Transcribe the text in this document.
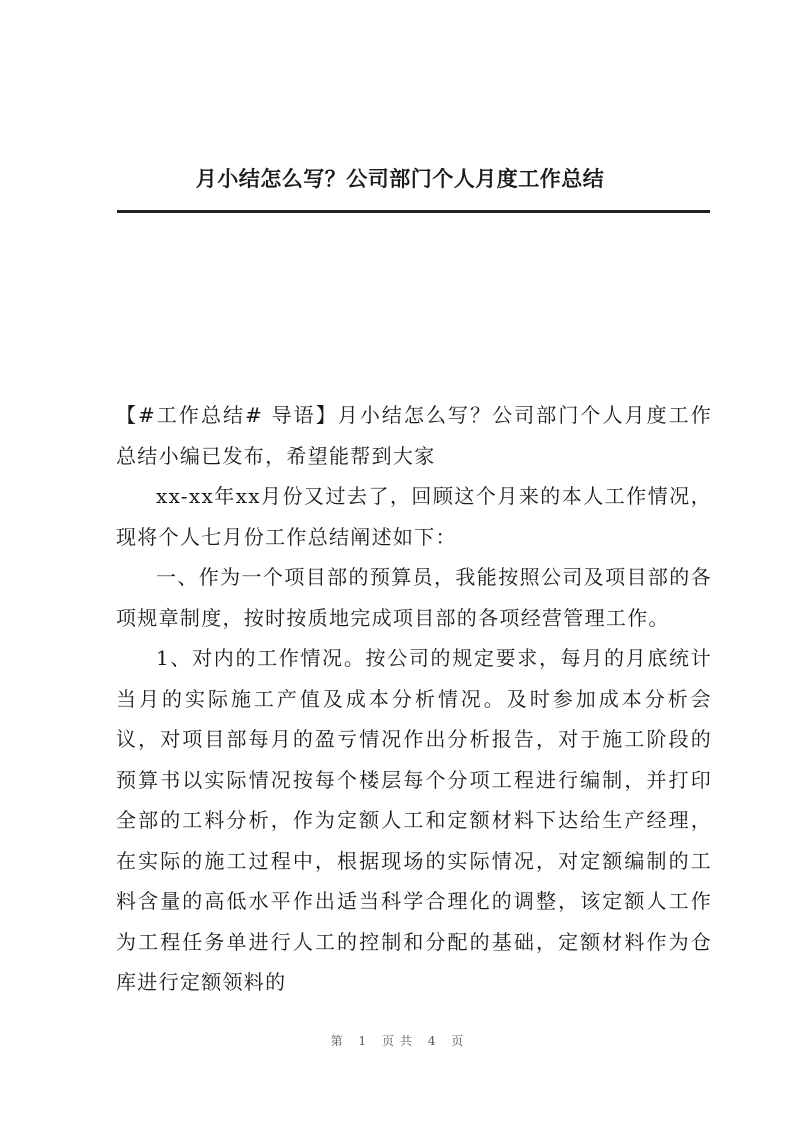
月小结怎么写？公司部门个人月度工作总结

【#工作总结# 导语】月小结怎么写？公司部门个人月度工作总结小编已发布，希望能帮到大家

xx-xx年xx月份又过去了，回顾这个月来的本人工作情况，现将个人七月份工作总结阐述如下：

一、作为一个项目部的预算员，我能按照公司及项目部的各项规章制度，按时按质地完成项目部的各项经营管理工作。

1、对内的工作情况。按公司的规定要求，每月的月底统计当月的实际施工产值及成本分析情况。及时参加成本分析会议，对项目部每月的盈亏情况作出分析报告，对于施工阶段的预算书以实际情况按每个楼层每个分项工程进行编制，并打印全部的工料分析，作为定额人工和定额材料下达给生产经理，在实际的施工过程中，根据现场的实际情况，对定额编制的工料含量的高低水平作出适当科学合理化的调整，该定额人工作为工程任务单进行人工的控制和分配的基础，定额材料作为仓库进行定额领料的

第 1 页共 4 页
